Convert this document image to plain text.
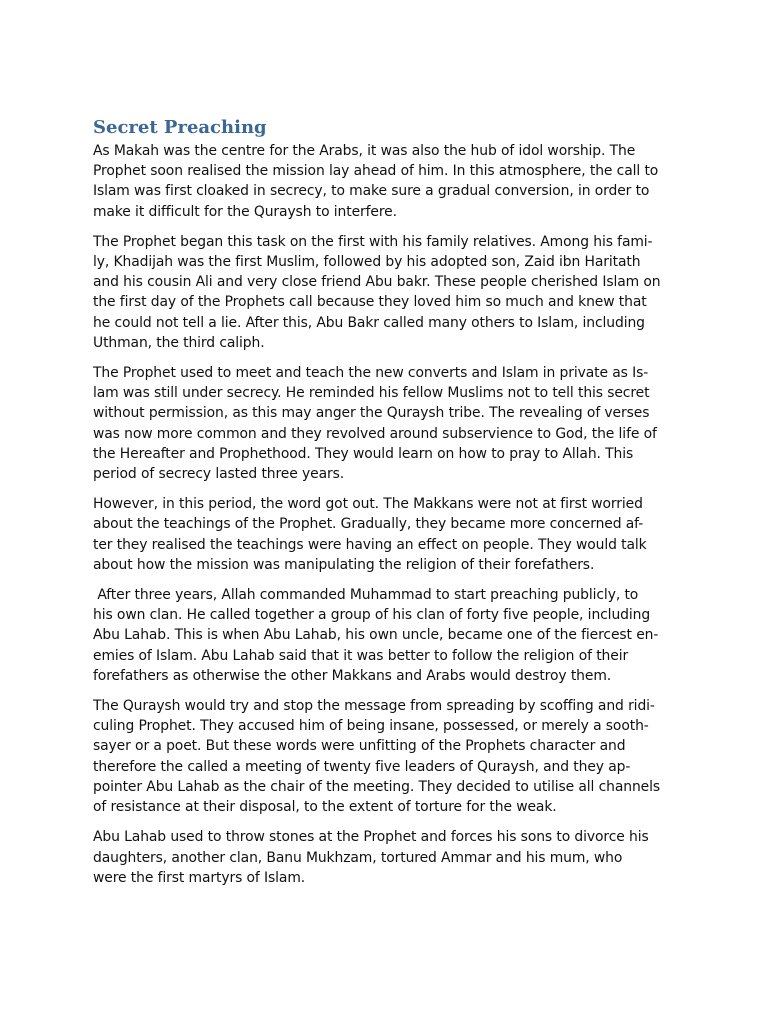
Secret Preaching

As Makah was the centre for the Arabs, it was also the hub of idol worship. The
Prophet soon realised the mission lay ahead of him. In this atmosphere, the call to
Islam was first cloaked in secrecy, to make sure a gradual conversion, in order to
make it difficult for the Quraysh to interfere.

The Prophet began this task on the first with his family relatives. Among his fami-
ly, Khadijah was the first Muslim, followed by his adopted son, Zaid ibn Haritath
and his cousin Ali and very close friend Abu bakr. These people cherished Islam on
the first day of the Prophets call because they loved him so much and knew that
he could not tell a lie. After this, Abu Bakr called many others to Islam, including
Uthman, the third caliph.

The Prophet used to meet and teach the new converts and Islam in private as Is-
lam was still under secrecy. He reminded his fellow Muslims not to tell this secret
without permission, as this may anger the Quraysh tribe. The revealing of verses
was now more common and they revolved around subservience to God, the life of
the Hereafter and Prophethood. They would learn on how to pray to Allah. This
period of secrecy lasted three years.

However, in this period, the word got out. The Makkans were not at first worried
about the teachings of the Prophet. Gradually, they became more concerned af-
ter they realised the teachings were having an effect on people. They would talk
about how the mission was manipulating the religion of their forefathers.

After three years, Allah commanded Muhammad to start preaching publicly, to
his own clan. He called together a group of his clan of forty five people, including
Abu Lahab. This is when Abu Lahab, his own uncle, became one of the fiercest en-
emies of Islam. Abu Lahab said that it was better to follow the religion of their
forefathers as otherwise the other Makkans and Arabs would destroy them.

The Quraysh would try and stop the message from spreading by scoffing and ridi-
culing Prophet. They accused him of being insane, possessed, or merely a sooth-
sayer or a poet. But these words were unfitting of the Prophets character and
therefore the called a meeting of twenty five leaders of Quraysh, and they ap-
pointer Abu Lahab as the chair of the meeting. They decided to utilise all channels
of resistance at their disposal, to the extent of torture for the weak.

Abu Lahab used to throw stones at the Prophet and forces his sons to divorce his
daughters, another clan, Banu Mukhzam, tortured Ammar and his mum, who
were the first martyrs of Islam.
